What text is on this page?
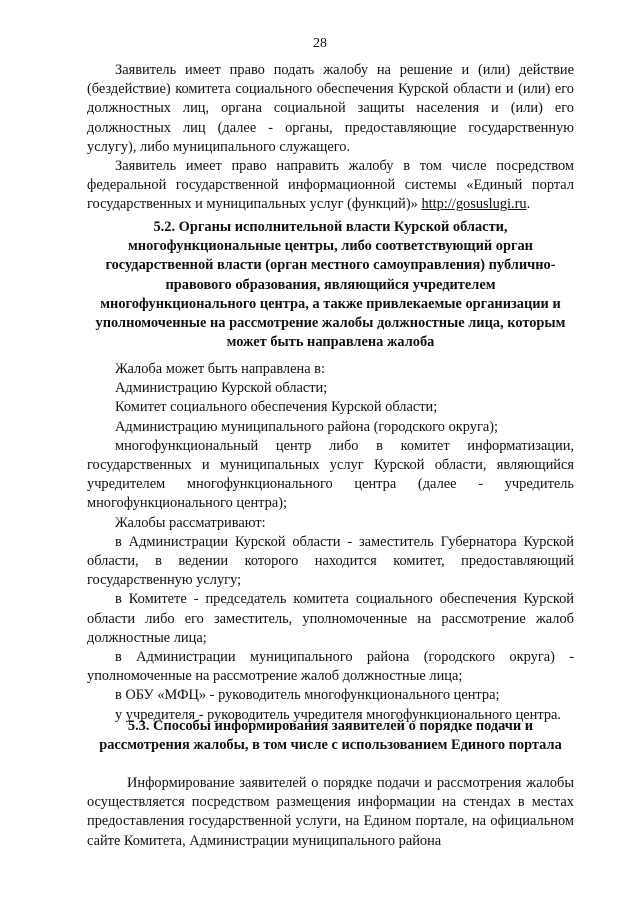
28

Заявитель имеет право подать жалобу на решение и (или) действие (бездействие) комитета социального обеспечения Курской области и (или) его должностных лиц, органа социальной защиты населения и (или) его должностных лиц (далее - органы, предоставляющие государственную услугу), либо муниципального служащего.

Заявитель имеет право направить жалобу в том числе посредством федеральной государственной информационной системы «Единый портал государственных и муниципальных услуг (функций)» http://gosuslugi.ru.

5.2. Органы исполнительной власти Курской области, многофункциональные центры, либо соответствующий орган государственной власти (орган местного самоуправления) публично-правового образования, являющийся учредителем многофункционального центра, а также привлекаемые организации и уполномоченные на рассмотрение жалобы должностные лица, которым может быть направлена жалоба

Жалоба может быть направлена в:

Администрацию Курской области;

Комитет социального обеспечения Курской области;

Администрацию муниципального района (городского округа);

многофункциональный центр либо в комитет информатизации, государственных и муниципальных услуг Курской области, являющийся учредителем многофункционального центра (далее - учредитель многофункционального центра);

Жалобы рассматривают:

в Администрации Курской области - заместитель Губернатора Курской области, в ведении которого находится комитет, предоставляющий государственную услугу;

в Комитете - председатель комитета социального обеспечения Курской области либо его заместитель, уполномоченные на рассмотрение жалоб должностные лица;

в Администрации муниципального района (городского округа) - уполномоченные на рассмотрение жалоб должностные лица;

в ОБУ «МФЦ» - руководитель многофункционального центра;

у учредителя - руководитель учредителя многофункционального центра.

5.3. Способы информирования заявителей о порядке подачи и рассмотрения жалобы, в том числе с использованием Единого портала

Информирование заявителей о порядке подачи и рассмотрения жалобы осуществляется посредством размещения информации на стендах в местах предоставления государственной услуги, на Едином портале, на официальном сайте Комитета, Администрации муниципального района
